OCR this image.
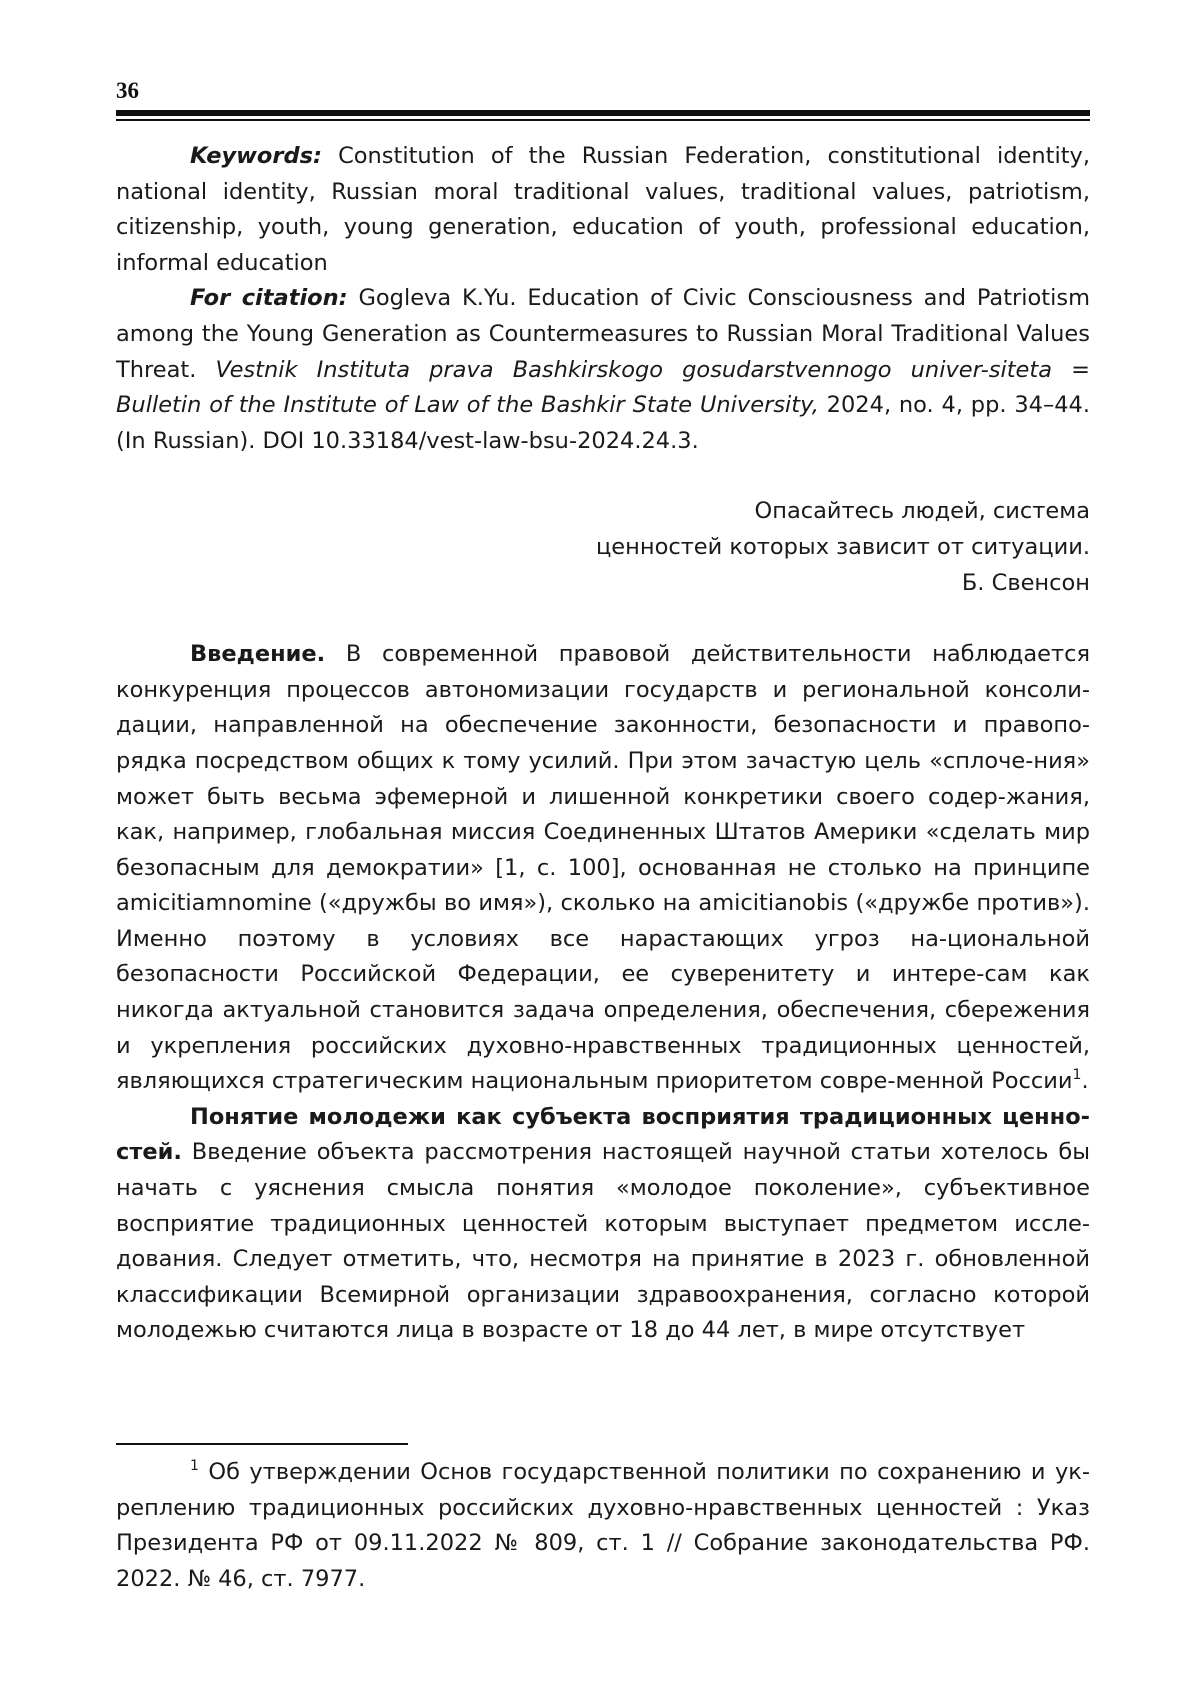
36

Keywords: Constitution of the Russian Federation, constitutional identity, national identity, Russian moral traditional values, traditional values, patriotism, citizenship, youth, young generation, education of youth, professional education, informal education

For citation: Gogleva K.Yu. Education of Civic Consciousness and Patriotism among the Young Generation as Countermeasures to Russian Moral Traditional Values Threat. Vestnik Instituta prava Bashkirskogo gosudarstvennogo univer-siteta = Bulletin of the Institute of Law of the Bashkir State University, 2024, no. 4, pp. 34–44. (In Russian). DOI 10.33184/vest-law-bsu-2024.24.3.

Опасайтесь людей, система
ценностей которых зависит от ситуации.
Б. Свенсон

Введение. В современной правовой действительности наблюдается конкуренция процессов автономизации государств и региональной консоли-дации, направленной на обеспечение законности, безопасности и правопо-рядка посредством общих к тому усилий. При этом зачастую цель «сплоче-ния» может быть весьма эфемерной и лишенной конкретики своего содер-жания, как, например, глобальная миссия Соединенных Штатов Америки «сделать мир безопасным для демократии» [1, с. 100], основанная не столько на принципе amicitiamnomine («дружбы во имя»), сколько на amicitianobis («дружбе против»). Именно поэтому в условиях все нарастающих угроз на-циональной безопасности Российской Федерации, ее суверенитету и интере-сам как никогда актуальной становится задача определения, обеспечения, сбережения и укрепления российских духовно-нравственных традиционных ценностей, являющихся стратегическим национальным приоритетом совре-менной России$^1$.

Понятие молодежи как субъекта восприятия традиционных ценно-стей. Введение объекта рассмотрения настоящей научной статьи хотелось бы начать с уяснения смысла понятия «молодое поколение», субъективное восприятие традиционных ценностей которым выступает предметом иссле-дования. Следует отметить, что, несмотря на принятие в 2023 г. обновленной классификации Всемирной организации здравоохранения, согласно которой молодежью считаются лица в возрасте от 18 до 44 лет, в мире отсутствует

$^1$ Об утверждении Основ государственной политики по сохранению и ук-реплению традиционных российских духовно-нравственных ценностей : Указ Президента РФ от 09.11.2022 № 809, ст. 1 // Собрание законодательства РФ. 2022. № 46, ст. 7977.
